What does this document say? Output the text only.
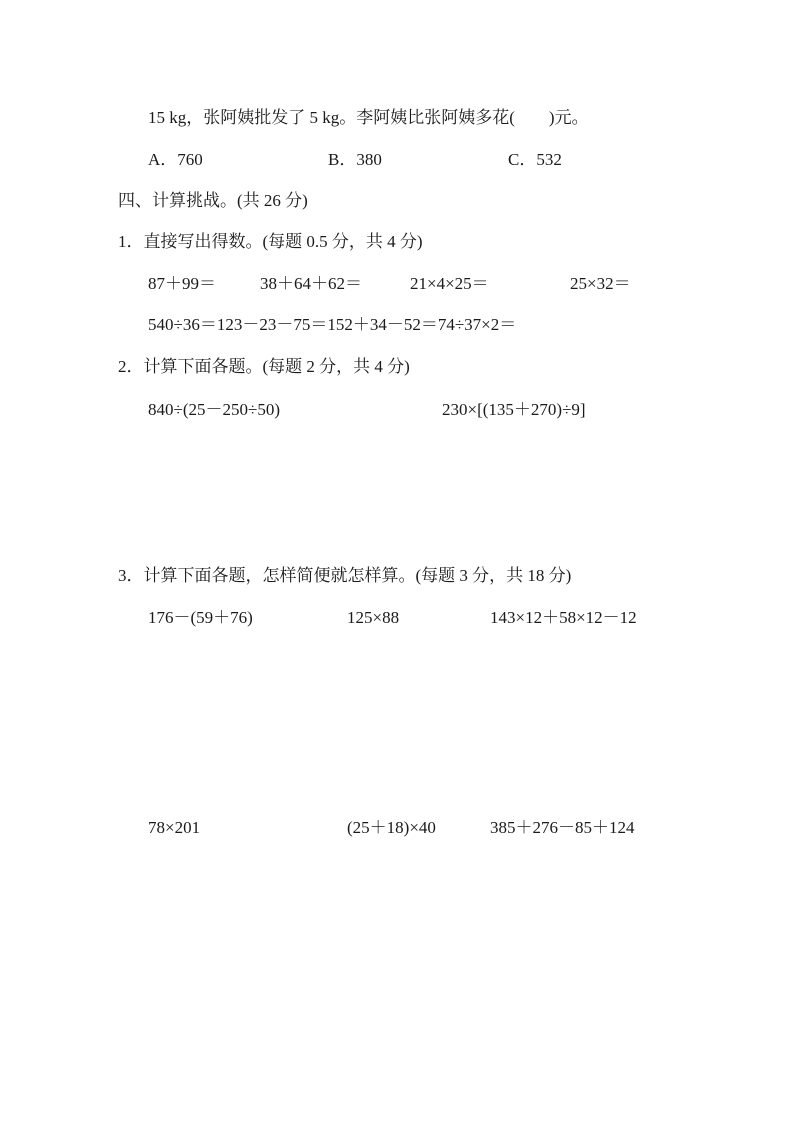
15 kg，张阿姨批发了 5 kg。李阿姨比张阿姨多花(　　)元。
A．760	B．380	C．532
四、计算挑战。(共 26 分)
1．直接写出得数。(每题 0.5 分，共 4 分)
87＋99＝	38＋64＋62＝	21×4×25＝	25×32＝
540÷36＝123－23－75＝152＋34－52＝74÷37×2＝
2．计算下面各题。(每题 2 分，共 4 分)
840÷(25－250÷50)	230×[(135＋270)÷9]
3．计算下面各题，怎样简便就怎样算。(每题 3 分，共 18 分)
176－(59＋76)	125×88	143×12＋58×12－12
78×201	(25＋18)×40	385＋276－85＋124
